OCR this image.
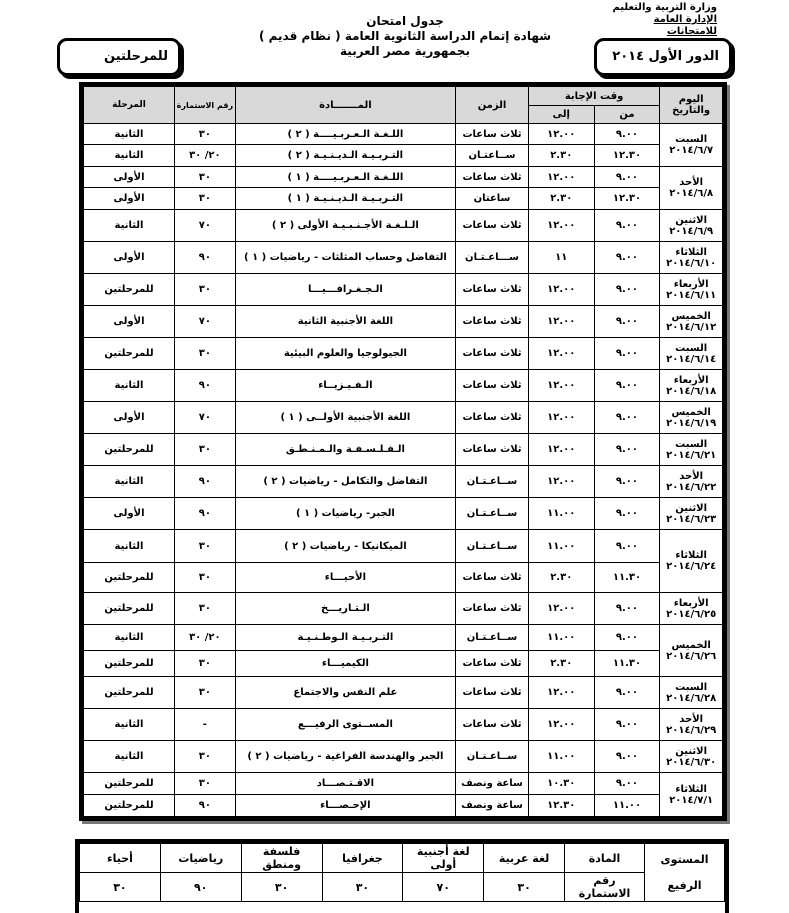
وزارة التربية والتعليم
الإدارة العامة للامتحانات
جدول امتحان
شهادة إتمام الدراسة الثانوية العامة ( نظام قديم )
بجمهورية مصر العربية	الدور الأول ٢٠١٤
للمرحلتين
اليوم والتاريخ	وقت الإجابة		الزمن	المـــــــادة	رقم الاستمارة	المرحلة
	من	إلى				

السبت
٢٠١٤/٦/٧	٩.٠٠	١٢.٠٠	ثلاث ساعات	اللـغـة الـعـربـيــــة ( ٢ )	٣٠	الثانية
	١٢.٣٠	٢.٣٠	ســاعتـان	التـربـيـة الـديـنـيـة ( ٢ )	٢٠/ ٣٠	الثانية

الأحد
٢٠١٤/٦/٨	٩.٠٠	١٢.٠٠	ثلاث ساعات	اللـغـة الـعـربـيــــة ( ١ )	٣٠	الأولى
	١٢.٣٠	٢.٣٠	ساعتان	التـربـيـة الـديـنـيـة ( ١ )	٣٠	الأولى

الاثنين
٢٠١٤/٦/٩	٩.٠٠	١٢.٠٠	ثلاث ساعات	الـلـغـة الأجـنـبـيـة الأولى ( ٢ )	٧٠	الثانية

الثلاثاء
٢٠١٤/٦/١٠	٩.٠٠	١١	ســـاعـتـان	التفاضل وحساب المثلثات - رياضيات ( ١ )	٩٠	الأولى

الأربعاء
٢٠١٤/٦/١١	٩.٠٠	١٢.٠٠	ثلاث ساعات	الـجـغـرافـــيـــا	٣٠	للمرحلتين

الخميس
٢٠١٤/٦/١٢	٩.٠٠	١٢.٠٠	ثلاث ساعات	اللغة الأجنبية الثانية	٧٠	الأولى

السبت
٢٠١٤/٦/١٤	٩.٠٠	١٢.٠٠	ثلاث ساعات	الجيولوجيا والعلوم البيئية	٣٠	للمرحلتين

الأربعاء
٢٠١٤/٦/١٨	٩.٠٠	١٢.٠٠	ثلاث ساعات	الـفـيـزيــاء	٩٠	الثانية

الخميس
٢٠١٤/٦/١٩	٩.٠٠	١٢.٠٠	ثلاث ساعات	اللغة الأجنبية الأولــى ( ١ )	٧٠	الأولى

السبت
٢٠١٤/٦/٢١	٩.٠٠	١٢.٠٠	ثلاث ساعات	الـفـلـسـفـة والـمـنـطـق	٣٠	للمرحلتين

الأحد
٢٠١٤/٦/٢٢	٩.٠٠	١٢.٠٠	ســاعـتـان	التفاضل والتكامل - رياضيات ( ٢ )	٩٠	الثانية

الاثنين
٢٠١٤/٦/٢٣	٩.٠٠	١١.٠٠	ســاعـتـان	الجبر- رياضيات ( ١ )	٩٠	الأولى

الثلاثاء
٢٠١٤/٦/٢٤	٩.٠٠	١١.٠٠	ســاعـتـان	الميكانيكا - رياضيات ( ٢ )	٣٠	الثانية
	١١.٣٠	٢.٣٠	ثلاث ساعات	الأحيـــاء	٣٠	للمرحلتين

الأربعاء
٢٠١٤/٦/٢٥	٩.٠٠	١٢.٠٠	ثلاث ساعات	الـتـاريـــخ	٣٠	للمرحلتين

الخميس
٢٠١٤/٦/٢٦	٩.٠٠	١١.٠٠	ســاعـتـان	التـربـيـة الـوطـنـيـة	٢٠/ ٣٠	الثانية
	١١.٣٠	٢.٣٠	ثلاث ساعات	الكيميـــاء	٣٠	للمرحلتين

السبت
٢٠١٤/٦/٢٨	٩.٠٠	١٢.٠٠	ثلاث ساعات	علم النفس والاجتماع	٣٠	للمرحلتين

الأحد
٢٠١٤/٦/٢٩	٩.٠٠	١٢.٠٠	ثلاث ساعات	المســتوى الرفيـــع	-	الثانية

الاثنين
٢٠١٤/٦/٣٠	٩.٠٠	١١.٠٠	ســاعـتـان	الجبر والهندسة الفراغية - رياضيات ( ٢ )	٣٠	الثانية

الثلاثاء
٢٠١٤/٧/١	٩.٠٠	١٠.٣٠	ساعة ونصف	الاقـتـصـــاد	٣٠	للمرحلتين
	١١.٠٠	١٢.٣٠	ساعة ونصف	الإحـصـــاء	٩٠	للمرحلتين
المستوى الرفيع	المادة	لغة عربية	لغة أجنبية أولى	جغرافيا	فلسفة ومنطق	رياضيات	أحياء
	رقم الاستمارة	٣٠	٧٠	٣٠	٣٠	٩٠	٣٠
